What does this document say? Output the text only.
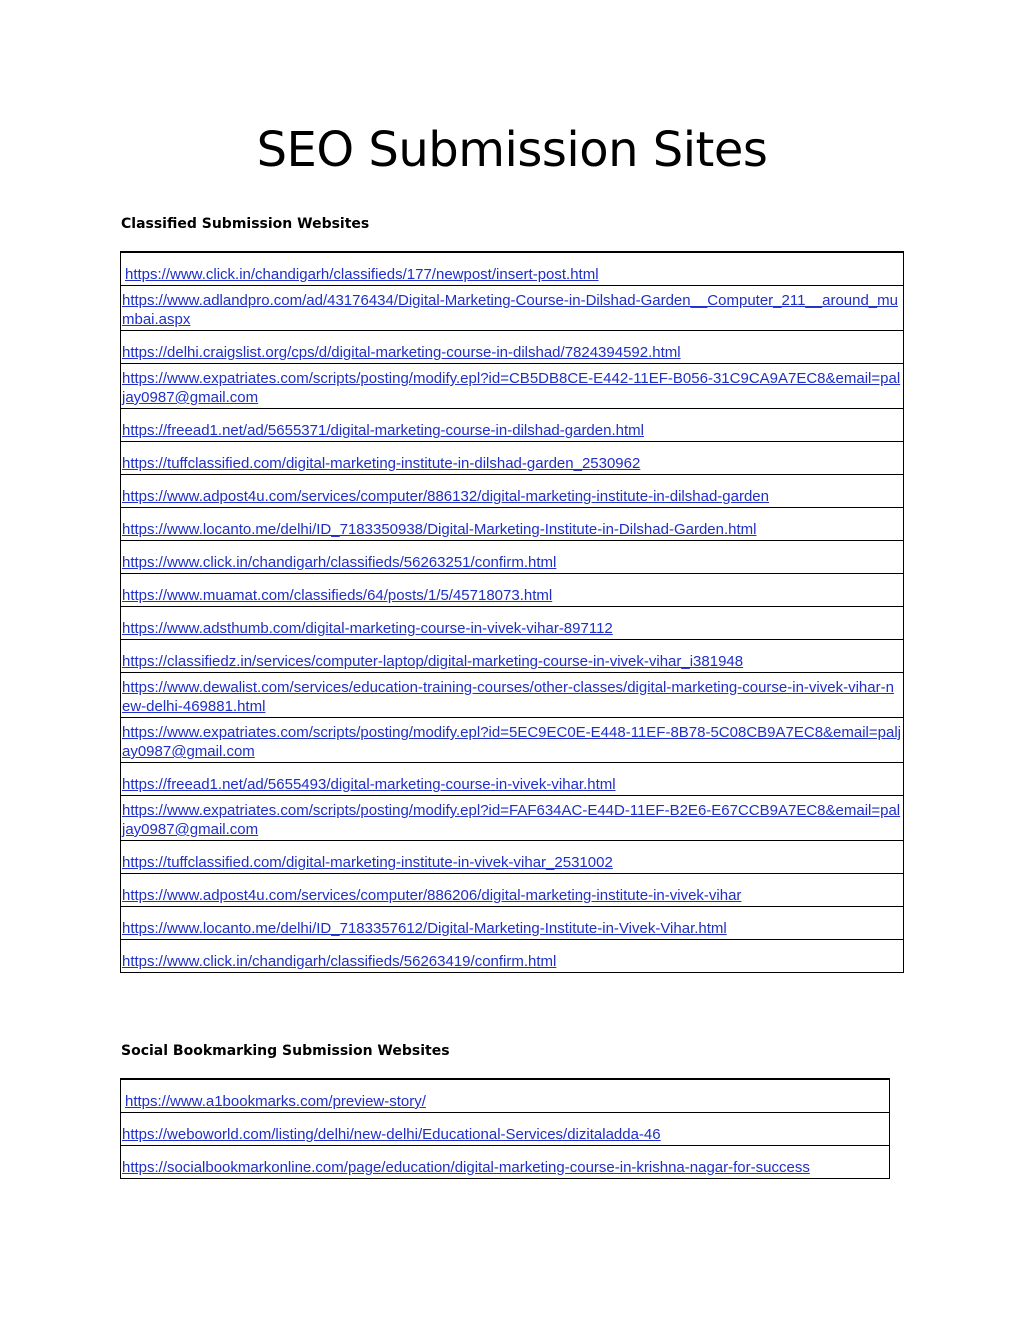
SEO Submission Sites
Classified Submission Websites
https://www.click.in/chandigarh/classifieds/177/newpost/insert-post.html
https://www.adlandpro.com/ad/43176434/Digital-Marketing-Course-in-Dilshad-Garden__Computer_211__around_mumbai.aspx
https://delhi.craigslist.org/cps/d/digital-marketing-course-in-dilshad/7824394592.html
https://www.expatriates.com/scripts/posting/modify.epl?id=CB5DB8CE-E442-11EF-B056-31C9CA9A7EC8&email=paljay0987@gmail.com
https://freead1.net/ad/5655371/digital-marketing-course-in-dilshad-garden.html
https://tuffclassified.com/digital-marketing-institute-in-dilshad-garden_2530962
https://www.adpost4u.com/services/computer/886132/digital-marketing-institute-in-dilshad-garden
https://www.locanto.me/delhi/ID_7183350938/Digital-Marketing-Institute-in-Dilshad-Garden.html
https://www.click.in/chandigarh/classifieds/56263251/confirm.html
https://www.muamat.com/classifieds/64/posts/1/5/45718073.html
https://www.adsthumb.com/digital-marketing-course-in-vivek-vihar-897112
https://classifiedz.in/services/computer-laptop/digital-marketing-course-in-vivek-vihar_i381948
https://www.dewalist.com/services/education-training-courses/other-classes/digital-marketing-course-in-vivek-vihar-new-delhi-469881.html
https://www.expatriates.com/scripts/posting/modify.epl?id=5EC9EC0E-E448-11EF-8B78-5C08CB9A7EC8&email=paljay0987@gmail.com
https://freead1.net/ad/5655493/digital-marketing-course-in-vivek-vihar.html
https://www.expatriates.com/scripts/posting/modify.epl?id=FAF634AC-E44D-11EF-B2E6-E67CCB9A7EC8&email=paljay0987@gmail.com
https://tuffclassified.com/digital-marketing-institute-in-vivek-vihar_2531002
https://www.adpost4u.com/services/computer/886206/digital-marketing-institute-in-vivek-vihar
https://www.locanto.me/delhi/ID_7183357612/Digital-Marketing-Institute-in-Vivek-Vihar.html
https://www.click.in/chandigarh/classifieds/56263419/confirm.html
Social Bookmarking Submission Websites
https://www.a1bookmarks.com/preview-story/
https://weboworld.com/listing/delhi/new-delhi/Educational-Services/dizitaladda-46
https://socialbookmarkonline.com/page/education/digital-marketing-course-in-krishna-nagar-for-success
